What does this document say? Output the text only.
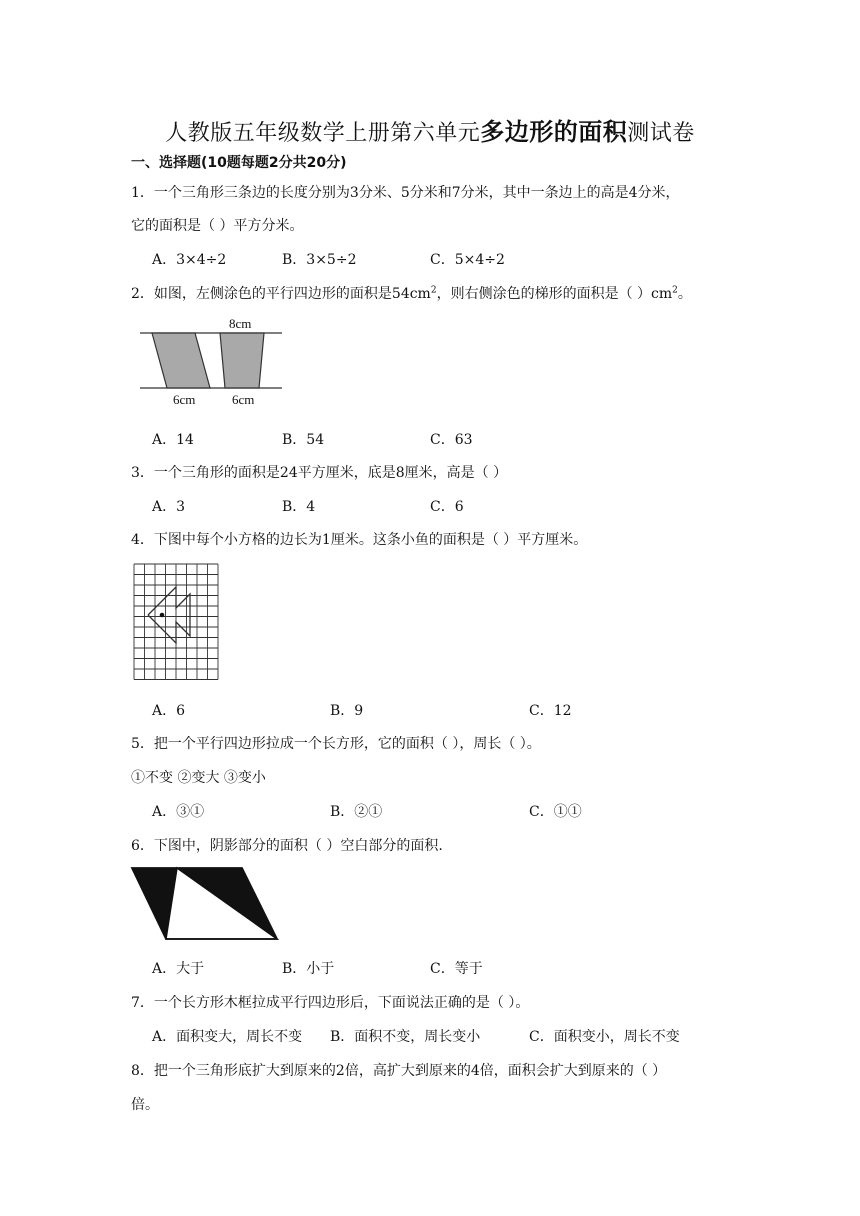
人教版五年级数学上册第六单元多边形的面积测试卷
一、选择题(10题每题2分共20分)
1．一个三角形三条边的长度分别为3分米、5分米和7分米，其中一条边上的高是4分米，
它的面积是（ ）平方分米。
A．3×4÷2	B．3×5÷2	C．5×4÷2
2．如图，左侧涂色的平行四边形的面积是$54cm^2$，则右侧涂色的梯形的面积是（ ）$cm^2$。
8cm
6cm	6cm
A．14	B．54	C．63
3．一个三角形的面积是24平方厘米，底是8厘米，高是（ ）
A．3	B．4	C．6
4．下图中每个小方格的边长为1厘米。这条小鱼的面积是（ ）平方厘米。
A．6	B．9	C．12
5．把一个平行四边形拉成一个长方形，它的面积（ ），周长（ ）。
①不变 ②变大 ③变小
A．③①	B．②①	C．①①
6．下图中，阴影部分的面积（ ）空白部分的面积.
A．大于	B．小于	C．等于
7．一个长方形木框拉成平行四边形后，下面说法正确的是（ ）。
A．面积变大，周长不变 B．面积不变，周长变小	C．面积变小，周长不变
8．把一个三角形底扩大到原来的2倍，高扩大到原来的4倍，面积会扩大到原来的（ ）
倍。
